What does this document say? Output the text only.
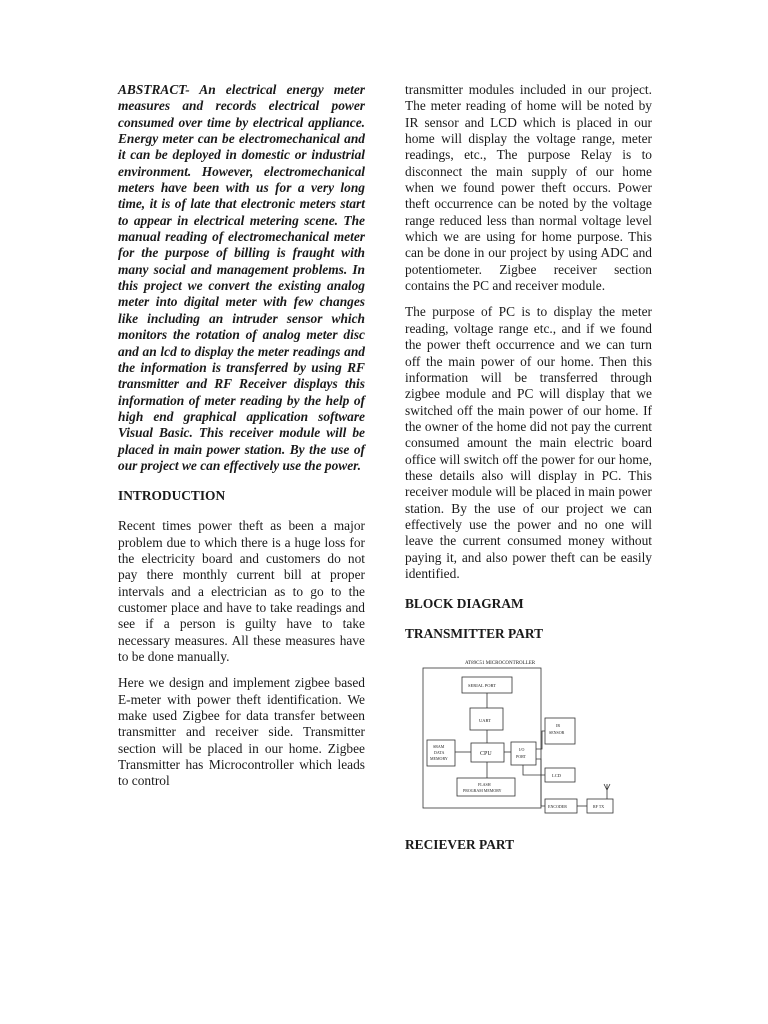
ABSTRACT- An electrical energy meter measures and records electrical power consumed over time by electrical appliance. Energy meter can be electromechanical and it can be deployed in domestic or industrial environment. However, electromechanical meters have been with us for a very long time, it is of late that electronic meters start to appear in electrical metering scene. The manual reading of electromechanical meter for the purpose of billing is fraught with many social and management problems. In this project we convert the existing analog meter into digital meter with few changes like including an intruder sensor which monitors the rotation of analog meter disc and an lcd to display the meter readings and the information is transferred by using RF transmitter and RF Receiver displays this information of meter reading by the help of high end graphical application software Visual Basic. This receiver module will be placed in main power station. By the use of our project we can effectively use the power.

INTRODUCTION

Recent times power theft as been a major problem due to which there is a huge loss for the electricity board and customers do not pay there monthly current bill at proper intervals and a electrician as to go to the customer place and have to take readings and see if a person is guilty have to take necessary measures. All these measures have to be done manually.

Here we design and implement zigbee based E-meter with power theft identification. We make used Zigbee for data transfer between transmitter and receiver side. Transmitter section will be placed in our home. Zigbee Transmitter has Microcontroller which leads to control

transmitter modules included in our project. The meter reading of home will be noted by IR sensor and LCD which is placed in our home will display the voltage range, meter readings, etc., The purpose Relay is to disconnect the main supply of our home when we found power theft occurs. Power theft occurrence can be noted by the voltage range reduced less than normal voltage level which we are using for home purpose. This can be done in our project by using ADC and potentiometer. Zigbee receiver section contains the PC and receiver module.

The purpose of PC is to display the meter reading, voltage range etc., and if we found the power theft occurrence and we can turn off the main power of our home. Then this information will be transferred through zigbee module and PC will display that we switched off the main power of our home. If the owner of the home did not pay the current consumed amount the main electric board office will switch off the power for our home, these details also will display in PC. This receiver module will be placed in main power station. By the use of our project we can effectively use the power and no one will leave the current consumed money without paying it, and also power theft can be easily identified.

BLOCK DIAGRAM
TRANSMITTER PART
AT89C51 MICROCONTROLLER
SERIAL PORT
UART
SRAM
DATA
MEMORY
CPU
I/O
PORT
FLASH
PROGRAM MEMORY
IR
SENSOR
LCD
ENCODER	RF TX
RECIEVER PART
